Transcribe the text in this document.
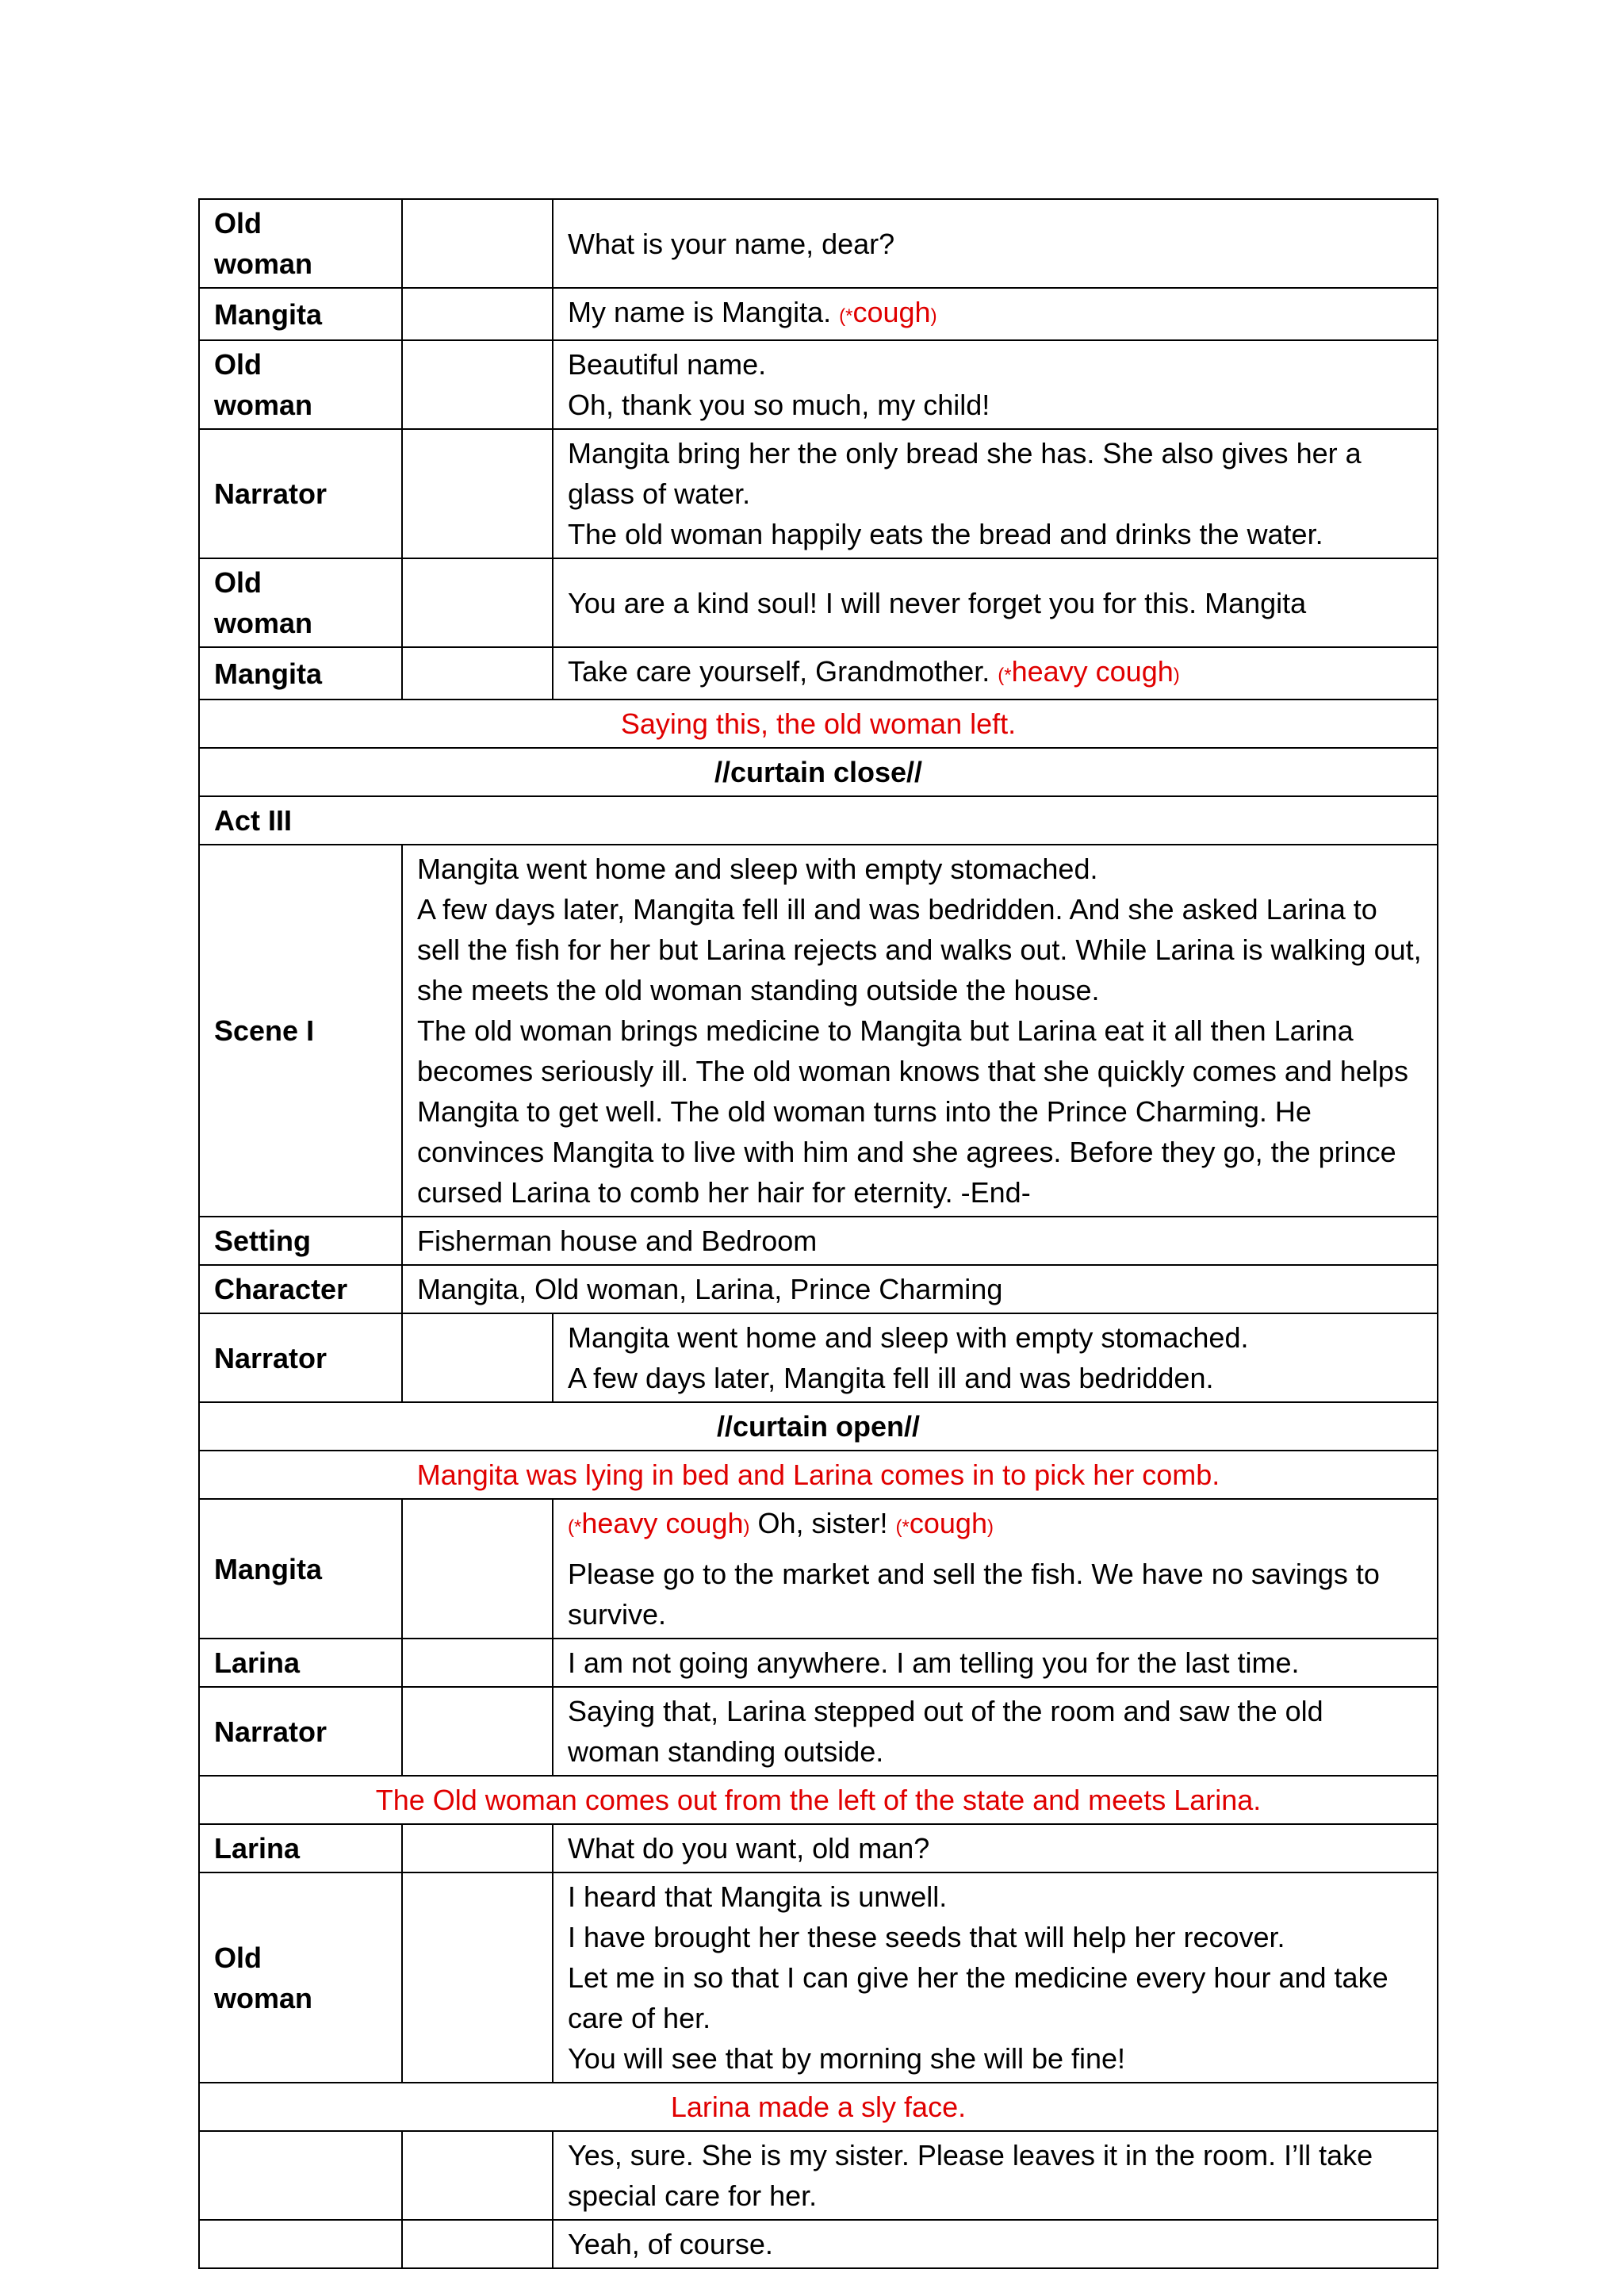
Old
woman		What is your name, dear?

Mangita		My name is Mangita. (*cough)
Old
woman		Beautiful name.
Oh, thank you so much, my child!

Narrator		Mangita bring her the only bread she has. She also gives her a glass of water.
The old woman happily eats the bread and drinks the water.

Old
woman		You are a kind soul! I will never forget you for this. Mangita

Mangita		Take care yourself, Grandmother. (*heavy cough)
Saying this, the old woman left.		
//curtain close//		
Act III		
Scene I	Mangita went home and sleep with empty stomached.
A few days later, Mangita fell ill and was bedridden. And she asked Larina to sell the fish for her but Larina rejects and walks out. While Larina is walking out, she meets the old woman standing outside the house.
The old woman brings medicine to Mangita but Larina eat it all then Larina becomes seriously ill. The old woman knows that she quickly comes and helps Mangita to get well. The old woman turns into the Prince Charming. He convinces Mangita to live with him and she agrees. Before they go, the prince cursed Larina to comb her hair for eternity. -End-	

Setting	Fisherman house and Bedroom	
Character	Mangita, Old woman, Larina, Prince Charming	
Narrator		Mangita went home and sleep with empty stomached.
A few days later, Mangita fell ill and was bedridden.

//curtain open//		
Mangita was lying in bed and Larina comes in to pick her comb.		
Mangita		(*heavy cough) Oh, sister! (*cough)
Please go to the market and sell the fish. We have no savings to survive.

Larina		I am not going anywhere. I am telling you for the last time.

Narrator		Saying that, Larina stepped out of the room and saw the old woman standing outside.

The Old woman comes out from the left of the state and meets Larina.		
Larina		What do you want, old man?

Old
woman		I heard that Mangita is unwell.
I have brought her these seeds that will help her recover.
Let me in so that I can give her the medicine every hour and take care of her.
You will see that by morning she will be fine!

Larina made a sly face.		

		Yes, sure. She is my sister. Please leaves it in the room. I’ll take special care for her.

		Yeah, of course.
